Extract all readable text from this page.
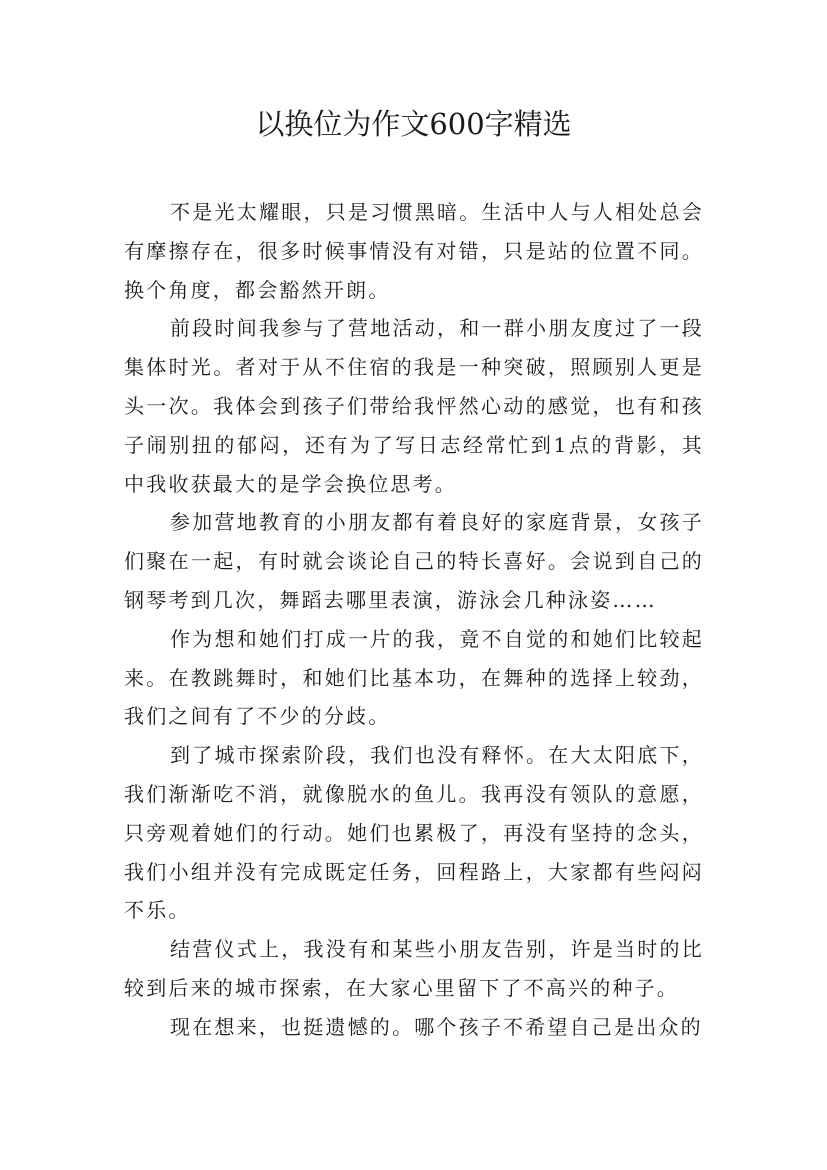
以换位为作文600字精选

不是光太耀眼，只是习惯黑暗。生活中人与人相处总会有摩擦存在，很多时候事情没有对错，只是站的位置不同。换个角度，都会豁然开朗。

前段时间我参与了营地活动，和一群小朋友度过了一段集体时光。者对于从不住宿的我是一种突破，照顾别人更是头一次。我体会到孩子们带给我怦然心动的感觉，也有和孩子闹别扭的郁闷，还有为了写日志经常忙到1点的背影，其中我收获最大的是学会换位思考。

参加营地教育的小朋友都有着良好的家庭背景，女孩子们聚在一起，有时就会谈论自己的特长喜好。会说到自己的钢琴考到几次，舞蹈去哪里表演，游泳会几种泳姿……

作为想和她们打成一片的我，竟不自觉的和她们比较起来。在教跳舞时，和她们比基本功，在舞种的选择上较劲，我们之间有了不少的分歧。

到了城市探索阶段，我们也没有释怀。在大太阳底下，我们渐渐吃不消，就像脱水的鱼儿。我再没有领队的意愿，只旁观着她们的行动。她们也累极了，再没有坚持的念头，我们小组并没有完成既定任务，回程路上，大家都有些闷闷不乐。

结营仪式上，我没有和某些小朋友告别，许是当时的比较到后来的城市探索，在大家心里留下了不高兴的种子。

现在想来，也挺遗憾的。哪个孩子不希望自己是出众的
